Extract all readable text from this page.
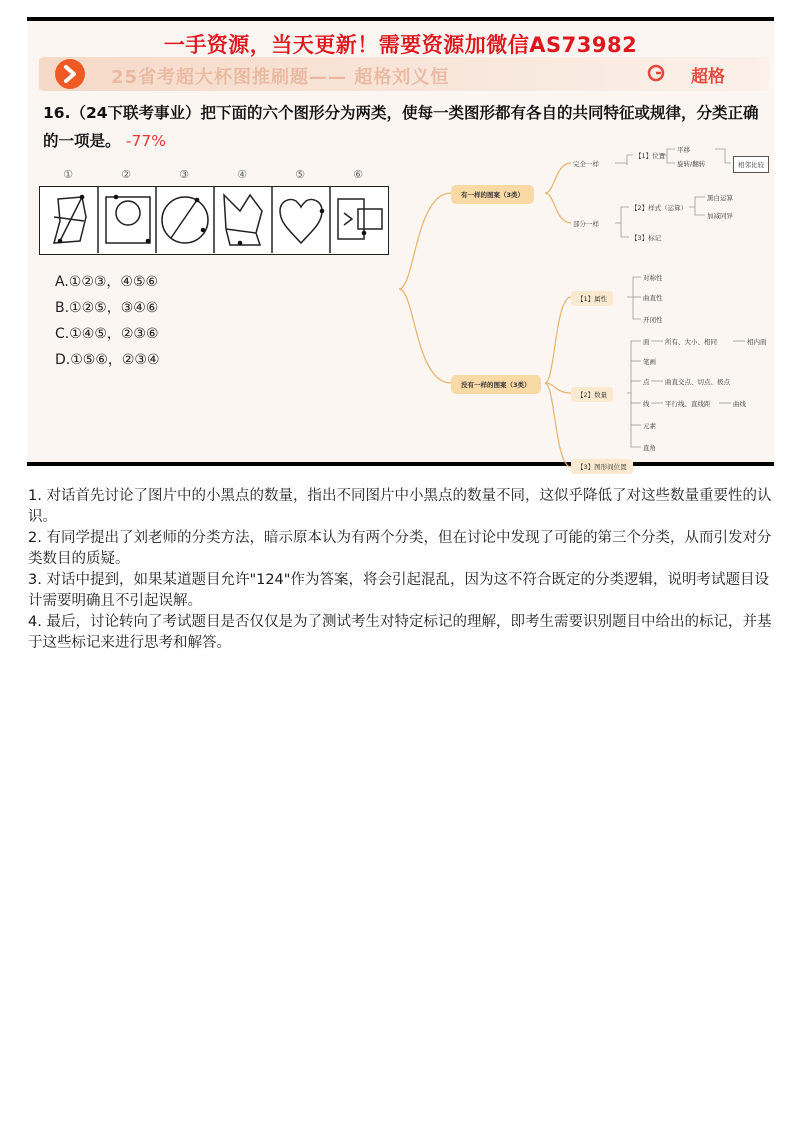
一手资源，当天更新！需要资源加微信AS73982
25省考超大杯图推刷题—— 超格刘义恒	超格
16.（24下联考事业）把下面的六个图形分为两类，使每一类图形都有各自的共同特征或规律，分类正确的一项是。 -77%
①	②	③	④	⑤	⑥
A.①②③，④⑤⑥
B.①②⑤，③④⑥
C.①④⑤，②③⑥
D.①⑤⑥，②③④
有一样的图案（3类）
完全一样
【1】位置
平移
旋转/翻转	相邻比较
部分一样
【2】样式（运算）
黑白运算
加减同异
【3】标记
没有一样的图案（3类）
【1】属性
对称性
曲直性
开闭性
【2】数量
面 所有、大小、相同	相内面
笔画
点 曲直交点、切点、极点
线 平行线、直线距	曲线
元素
直角
【3】图形间位置

1. 对话首先讨论了图片中的小黑点的数量，指出不同图片中小黑点的数量不同，这似乎降低了对这些数量重要性的认识。

2. 有同学提出了刘老师的分类方法，暗示原本认为有两个分类，但在讨论中发现了可能的第三个分类，从而引发对分类数目的质疑。

3. 对话中提到，如果某道题目允许"124"作为答案，将会引起混乱，因为这不符合既定的分类逻辑，说明考试题目设计需要明确且不引起误解。

4. 最后，讨论转向了考试题目是否仅仅是为了测试考生对特定标记的理解，即考生需要识别题目中给出的标记，并基于这些标记来进行思考和解答。
